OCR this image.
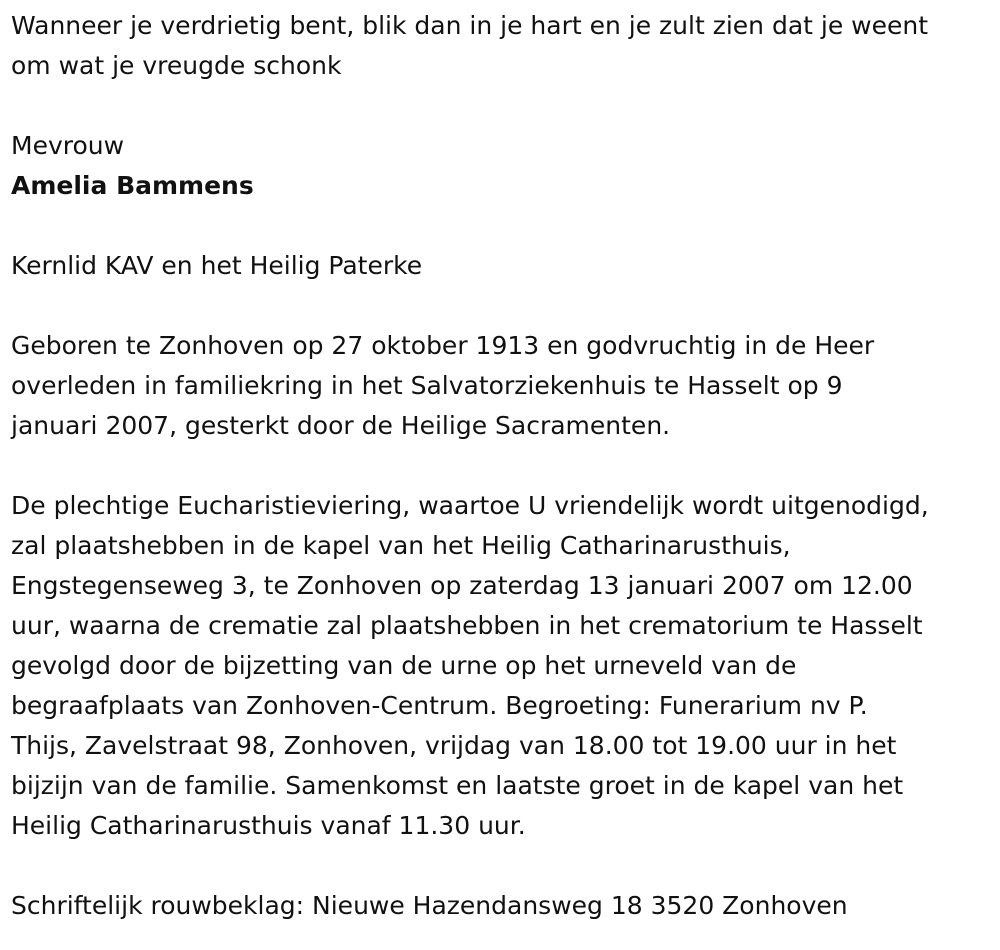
Wanneer je verdrietig bent, blik dan in je hart en je zult zien dat je weent

om wat je vreugde schonk

Mevrouw

Amelia Bammens

Kernlid KAV en het Heilig Paterke

Geboren te Zonhoven op 27 oktober 1913 en godvruchtig in de Heer

overleden in familiekring in het Salvatorziekenhuis te Hasselt op 9

januari 2007, gesterkt door de Heilige Sacramenten.

De plechtige Eucharistieviering, waartoe U vriendelijk wordt uitgenodigd,

zal plaatshebben in de kapel van het Heilig Catharinarusthuis,

Engstegenseweg 3, te Zonhoven op zaterdag 13 januari 2007 om 12.00

uur, waarna de crematie zal plaatshebben in het crematorium te Hasselt

gevolgd door de bijzetting van de urne op het urneveld van de

begraafplaats van Zonhoven-Centrum. Begroeting: Funerarium nv P.

Thijs, Zavelstraat 98, Zonhoven, vrijdag van 18.00 tot 19.00 uur in het

bijzijn van de familie. Samenkomst en laatste groet in de kapel van het

Heilig Catharinarusthuis vanaf 11.30 uur.

Schriftelijk rouwbeklag: Nieuwe Hazendansweg 18 3520 Zonhoven
